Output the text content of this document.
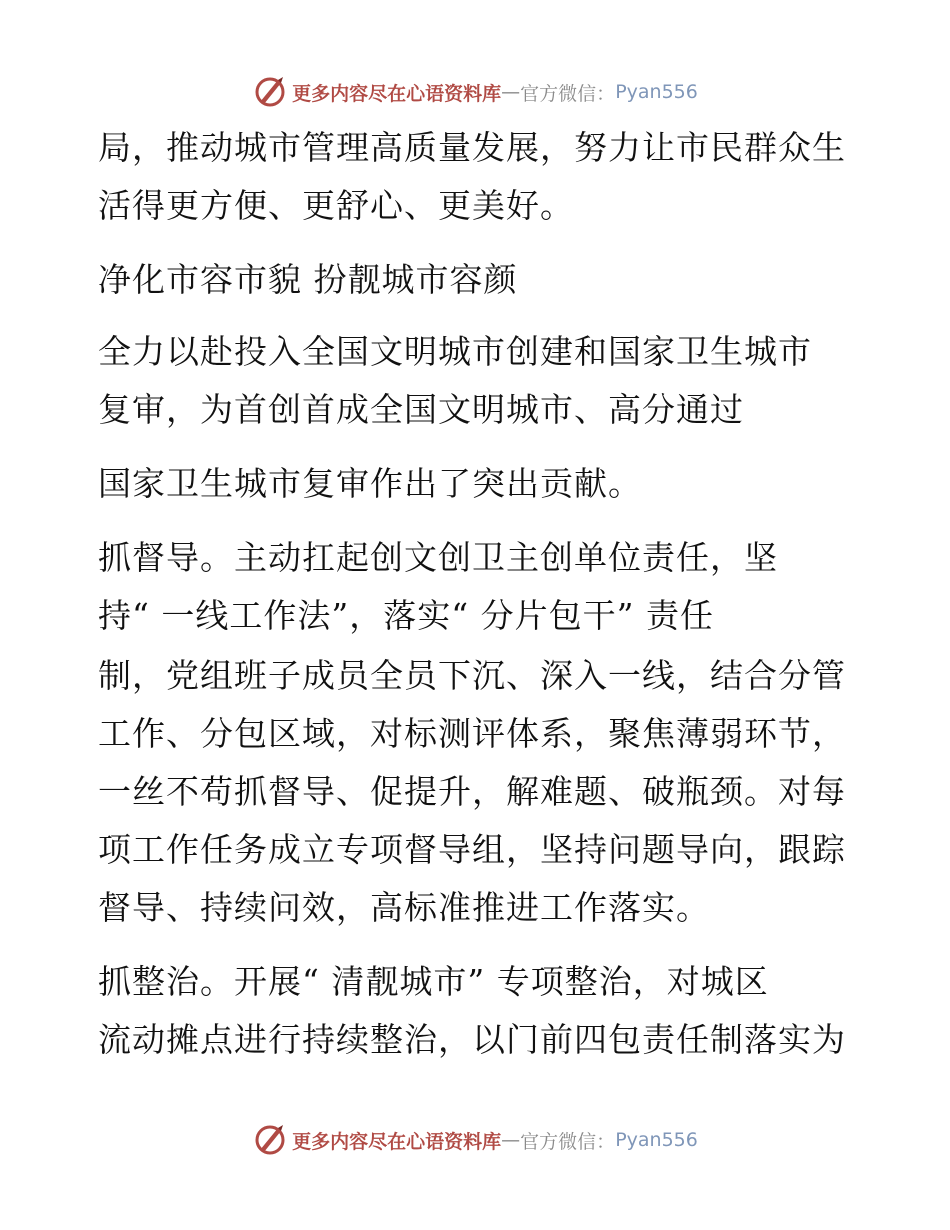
更多内容尽在心语资料库 — 官方微信： Pyan556
局，推动城市管理高质量发展，努力让市民群众生
活得更方便、更舒心、更美好。
净化市容市貌 扮靓城市容颜
全力以赴投入全国文明城市创建和国家卫生城市
复审，为首创首成全国文明城市、高分通过
国家卫生城市复审作出了突出贡献。
抓督导。主动扛起创文创卫主创单位责任，坚
持“ 一线工作法”，落实“ 分片包干” 责任
制，党组班子成员全员下沉、深入一线，结合分管
工作、分包区域，对标测评体系，聚焦薄弱环节，
一丝不苟抓督导、促提升，解难题、破瓶颈。对每
项工作任务成立专项督导组，坚持问题导向，跟踪
督导、持续问效，高标准推进工作落实。
抓整治。开展“ 清靓城市” 专项整治，对城区
流动摊点进行持续整治，以门前四包责任制落实为
更多内容尽在心语资料库 — 官方微信： Pyan556
